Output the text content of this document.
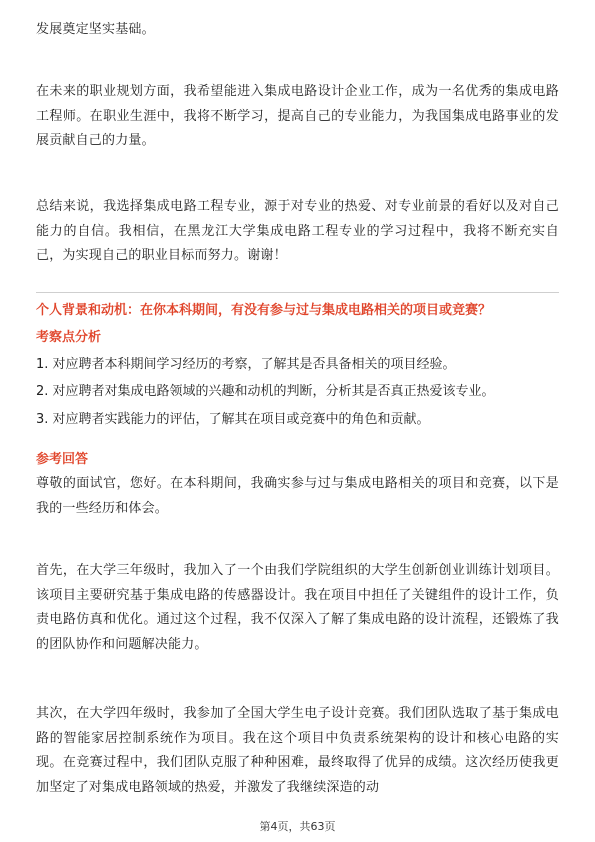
发展奠定坚实基础。

在未来的职业规划方面，我希望能进入集成电路设计企业工作，成为一名优秀的集成电路工程师。在职业生涯中，我将不断学习，提高自己的专业能力，为我国集成电路事业的发展贡献自己的力量。

总结来说，我选择集成电路工程专业，源于对专业的热爱、对专业前景的看好以及对自己能力的自信。我相信，在黑龙江大学集成电路工程专业的学习过程中，我将不断充实自己，为实现自己的职业目标而努力。谢谢！

个人背景和动机：在你本科期间，有没有参与过与集成电路相关的项目或竞赛？

考察点分析

1. 对应聘者本科期间学习经历的考察，了解其是否具备相关的项目经验。

2. 对应聘者对集成电路领域的兴趣和动机的判断，分析其是否真正热爱该专业。

3. 对应聘者实践能力的评估，了解其在项目或竞赛中的角色和贡献。

参考回答

尊敬的面试官，您好。在本科期间，我确实参与过与集成电路相关的项目和竞赛，以下是我的一些经历和体会。

首先，在大学三年级时，我加入了一个由我们学院组织的大学生创新创业训练计划项目。该项目主要研究基于集成电路的传感器设计。我在项目中担任了关键组件的设计工作，负责电路仿真和优化。通过这个过程，我不仅深入了解了集成电路的设计流程，还锻炼了我的团队协作和问题解决能力。

其次，在大学四年级时，我参加了全国大学生电子设计竞赛。我们团队选取了基于集成电路的智能家居控制系统作为项目。我在这个项目中负责系统架构的设计和核心电路的实现。在竞赛过程中，我们团队克服了种种困难，最终取得了优异的成绩。这次经历使我更加坚定了对集成电路领域的热爱，并激发了我继续深造的动

第4页，共63页
